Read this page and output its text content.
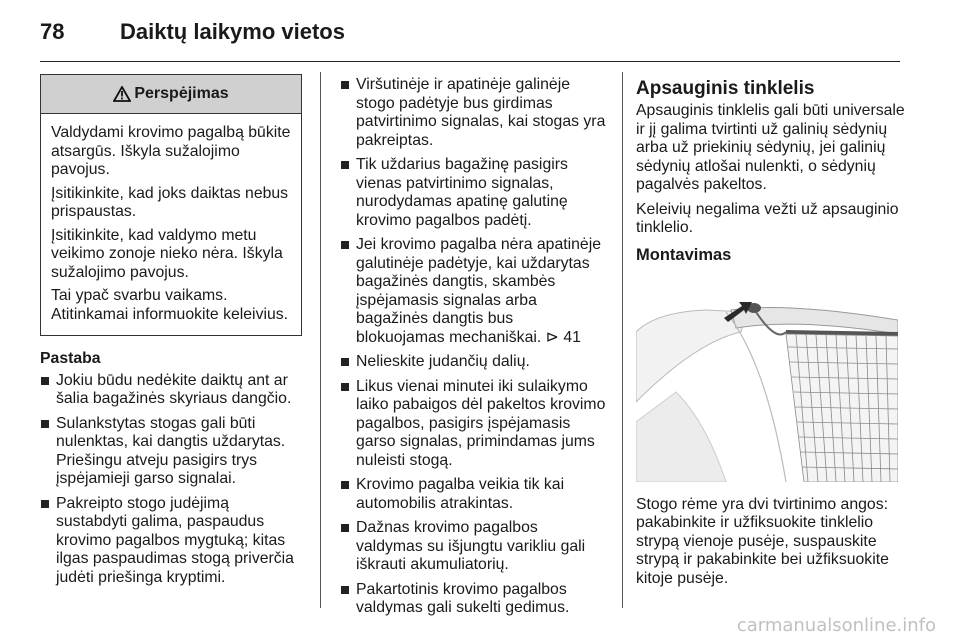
78	Daiktų laikymo vietos
Perspėjimas

Valdydami krovimo pagalbą būkite atsargūs. Iškyla sužalojimo pavojus.

Įsitikinkite, kad joks daiktas nebus prispaustas.

Įsitikinkite, kad valdymo metu veikimo zonoje nieko nėra. Iškyla sužalojimo pavojus.

Tai ypač svarbu vaikams. Atitinkamai informuokite keleivius.

Pastaba
Jokiu būdu nedėkite daiktų ant ar šalia bagažinės skyriaus dangčio.
Sulankstytas stogas gali būti nulenktas, kai dangtis uždarytas. Priešingu atveju pasigirs trys įspėjamieji garso signalai.
Pakreipto stogo judėjimą sustabdyti galima, paspaudus krovimo pagalbos mygtuką; kitas ilgas paspaudimas stogą priverčia judėti priešinga kryptimi.
Viršutinėje ir apatinėje galinėje stogo padėtyje bus girdimas patvirtinimo signalas, kai stogas yra pakreiptas.
Tik uždarius bagažinę pasigirs vienas patvirtinimo signalas, nurodydamas apatinę galutinę krovimo pagalbos padėtį.
Jei krovimo pagalba nėra apatinėje galutinėje padėtyje, kai uždarytas bagažinės dangtis, skambės įspėjamasis signalas arba bagažinės dangtis bus blokuojamas mechaniškai. ⊳ 41
Nelieskite judančių dalių.
Likus vienai minutei iki sulaikymo laiko pabaigos dėl pakeltos krovimo pagalbos, pasigirs įspėjamasis garso signalas, primindamas jums nuleisti stogą.
Krovimo pagalba veikia tik kai automobilis atrakintas.
Dažnas krovimo pagalbos valdymas su išjungtu varikliu gali iškrauti akumuliatorių.
Pakartotinis krovimo pagalbos valdymas gali sukelti gedimus.
Apsauginis tinklelis

Apsauginis tinklelis gali būti universale ir jį galima tvirtinti už galinių sėdynių arba už priekinių sėdynių, jei galinių sėdynių atlošai nulenkti, o sėdynių pagalvės pakeltos.

Keleivių negalima vežti už apsauginio tinklelio.

Montavimas

Stogo rėme yra dvi tvirtinimo angos: pakabinkite ir užfiksuokite tinklelio strypą vienoje pusėje, suspauskite strypą ir pakabinkite bei užfiksuokite kitoje pusėje.

carmanualsonline.info
